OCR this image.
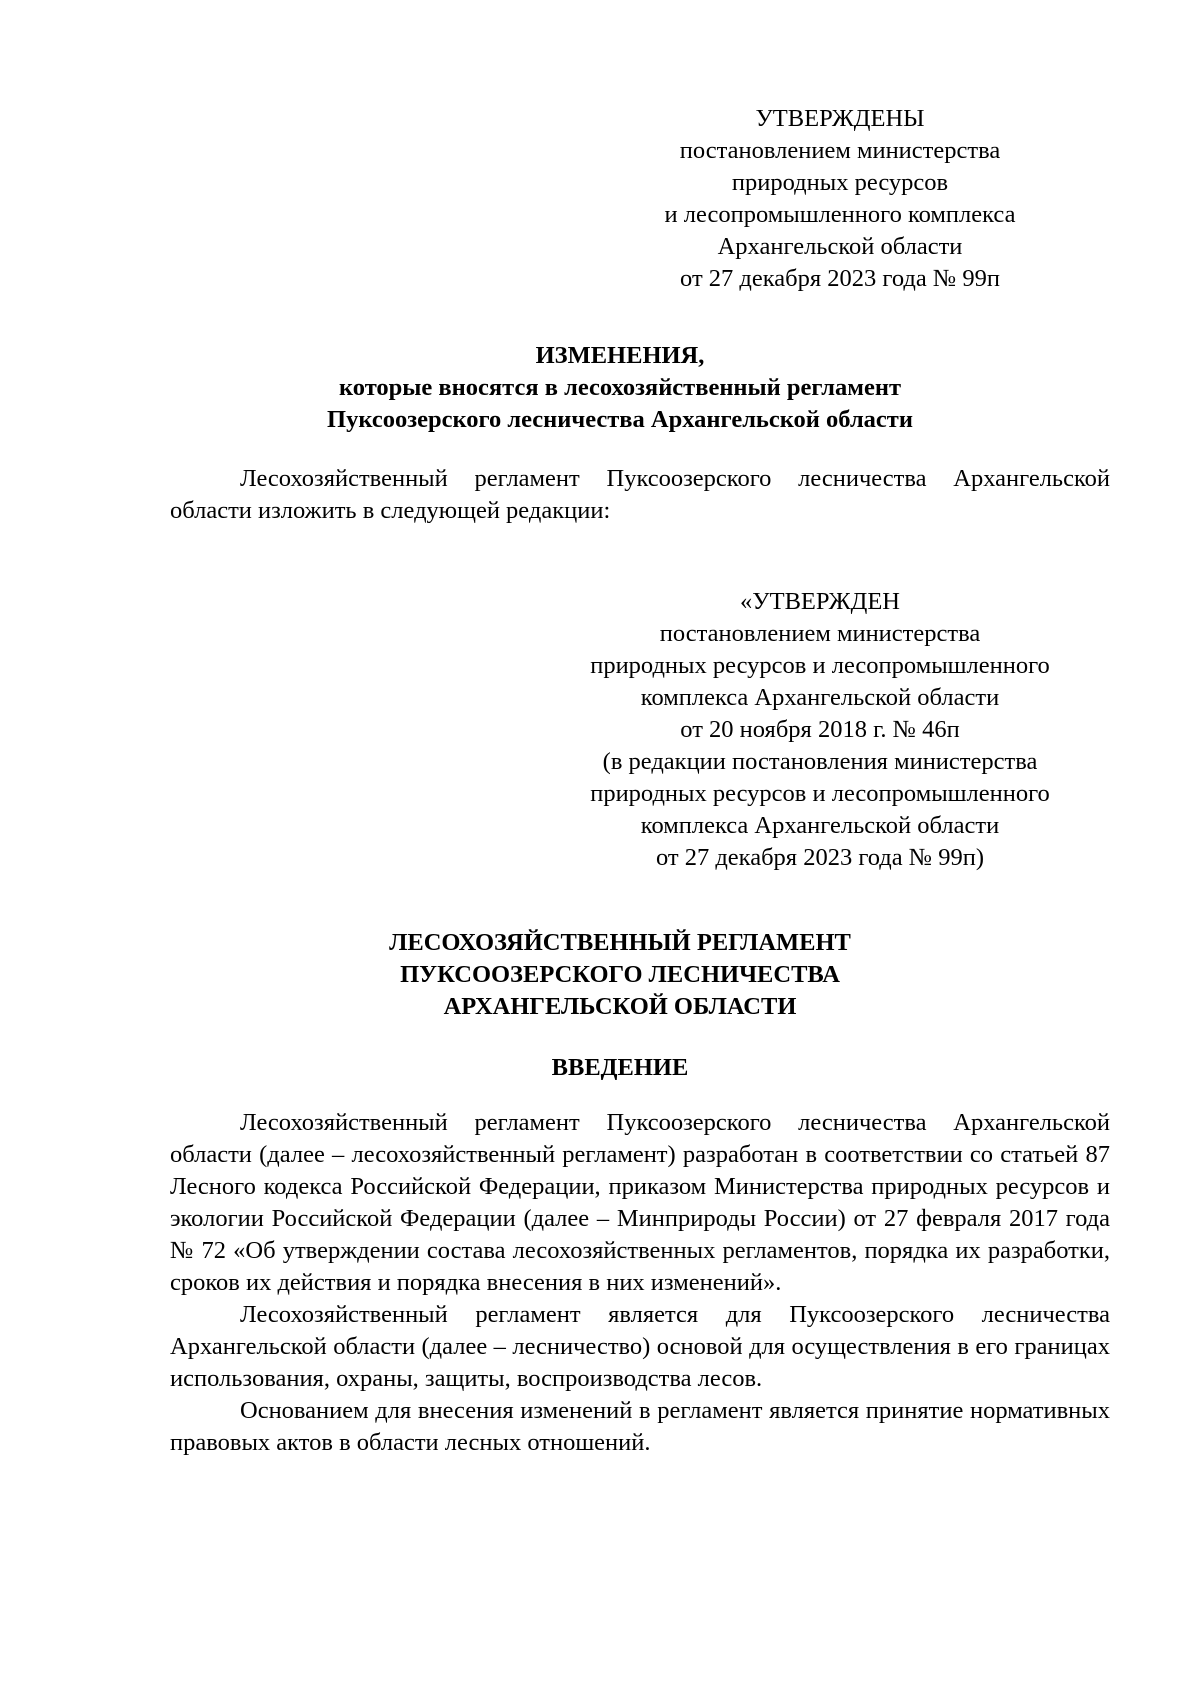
УТВЕРЖДЕНЫ
постановлением министерства
природных ресурсов
и лесопромышленного комплекса
Архангельской области
от 27 декабря 2023 года № 99п
ИЗМЕНЕНИЯ,
которые вносятся в лесохозяйственный регламент
Пуксоозерского лесничества Архангельской области

Лесохозяйственный регламент Пуксоозерского лесничества Архангельской области изложить в следующей редакции:

«УТВЕРЖДЕН
постановлением министерства
природных ресурсов и лесопромышленного
комплекса Архангельской области
от 20 ноября 2018 г. № 46п
(в редакции постановления министерства
природных ресурсов и лесопромышленного
комплекса Архангельской области
от 27 декабря 2023 года № 99п)
ЛЕСОХОЗЯЙСТВЕННЫЙ РЕГЛАМЕНТ
ПУКСООЗЕРСКОГО ЛЕСНИЧЕСТВА
АРХАНГЕЛЬСКОЙ ОБЛАСТИ
ВВЕДЕНИЕ

Лесохозяйственный регламент Пуксоозерского лесничества Архангельской области (далее – лесохозяйственный регламент) разработан в соответствии со статьей 87 Лесного кодекса Российской Федерации, приказом Министерства природных ресурсов и экологии Российской Федерации (далее – Минприроды России) от 27 февраля 2017 года № 72 «Об утверждении состава лесохозяйственных регламентов, порядка их разработки, сроков их действия и порядка внесения в них изменений».

Лесохозяйственный регламент является для Пуксоозерского лесничества Архангельской области (далее – лесничество) основой для осуществления в его границах использования, охраны, защиты, воспроизводства лесов.

Основанием для внесения изменений в регламент является принятие нормативных правовых актов в области лесных отношений.
